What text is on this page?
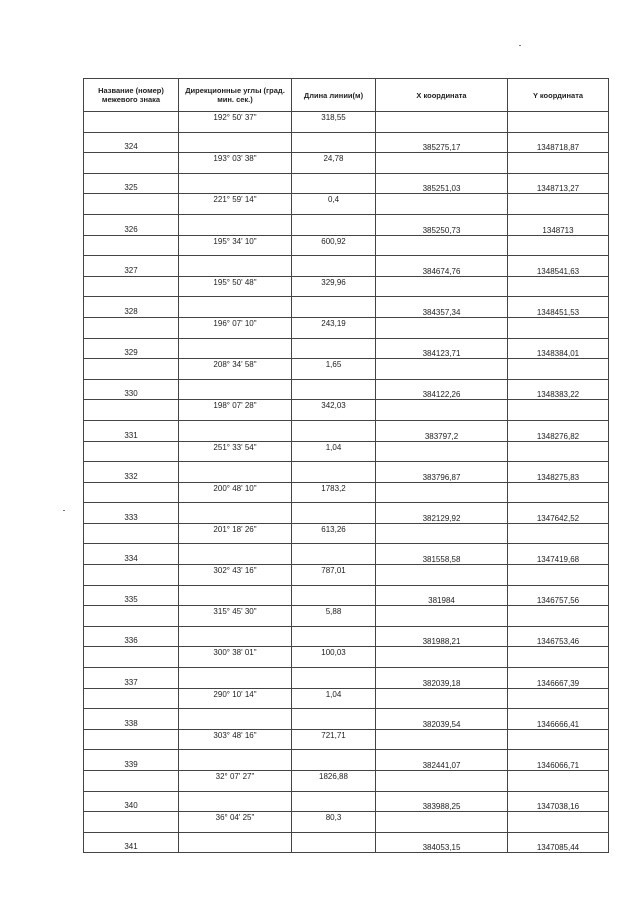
Название (номер) межевого знака	Дирекционные углы (град. мин. сек.)	Длина линии(м)	X координата	Y координата
	192° 50' 37"	318,55		
324			385275,17	1348718,87
	193° 03' 38"	24,78		
325			385251,03	1348713,27
	221° 59' 14"	0,4		
326			385250,73	1348713
	195° 34' 10"	600,92		
327			384674,76	1348541,63
	195° 50' 48"	329,96		
328			384357,34	1348451,53
	196° 07' 10"	243,19		
329			384123,71	1348384,01
	208° 34' 58"	1,65		
330			384122,26	1348383,22
	198° 07' 28"	342,03		
331			383797,2	1348276,82
	251° 33' 54"	1,04		
332			383796,87	1348275,83
	200° 48' 10"	1783,2		
333			382129,92	1347642,52
	201° 18' 26"	613,26		
334			381558,58	1347419,68
	302° 43' 16"	787,01		
335			381984	1346757,56
	315° 45' 30"	5,88		
336			381988,21	1346753,46
	300° 38' 01"	100,03		
337			382039,18	1346667,39
	290° 10' 14"	1,04		
338			382039,54	1346666,41
	303° 48' 16"	721,71		
339			382441,07	1346066,71
	32° 07' 27"	1826,88		
340			383988,25	1347038,16
	36° 04' 25"	80,3		
341			384053,15	1347085,44
